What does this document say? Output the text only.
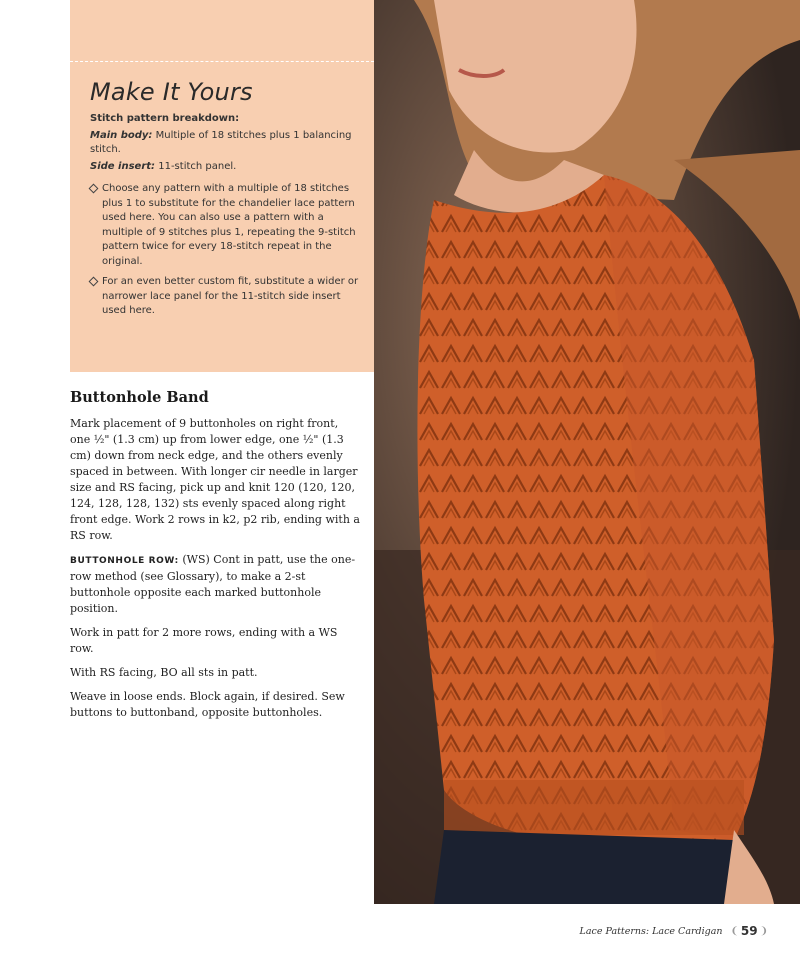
Make It Yours

Stitch pattern breakdown:

Main body: Multiple of 18 stitches plus 1 balancing stitch.

Side insert: 11-stitch panel.

Choose any pattern with a multiple of 18 stitches plus 1 to substitute for the chandelier lace pattern used here. You can also use a pattern with a multiple of 9 stitches plus 1, repeating the 9-stitch pattern twice for every 18-stitch repeat in the original.
For an even better custom fit, substitute a wider or narrower lace panel for the 11-stitch side insert used here.
Buttonhole Band

Mark placement of 9 buttonholes on right front, one ½" (1.3 cm) up from lower edge, one ½" (1.3 cm) down from neck edge, and the others evenly spaced in between. With longer cir needle in larger size and RS facing, pick up and knit 120 (120, 120, 124, 128, 128, 132) sts evenly spaced along right front edge. Work 2 rows in k2, p2 rib, ending with a RS row.

BUTTONHOLE ROW: (WS) Cont in patt, use the one-row method (see Glossary), to make a 2-st buttonhole opposite each marked buttonhole position.

Work in patt for 2 more rows, ending with a WS row.

With RS facing, BO all sts in patt.

Weave in loose ends. Block again, if desired. Sew buttons to buttonband, opposite buttonholes.

Lace Patterns: Lace Cardigan ❨ 59 ❩
